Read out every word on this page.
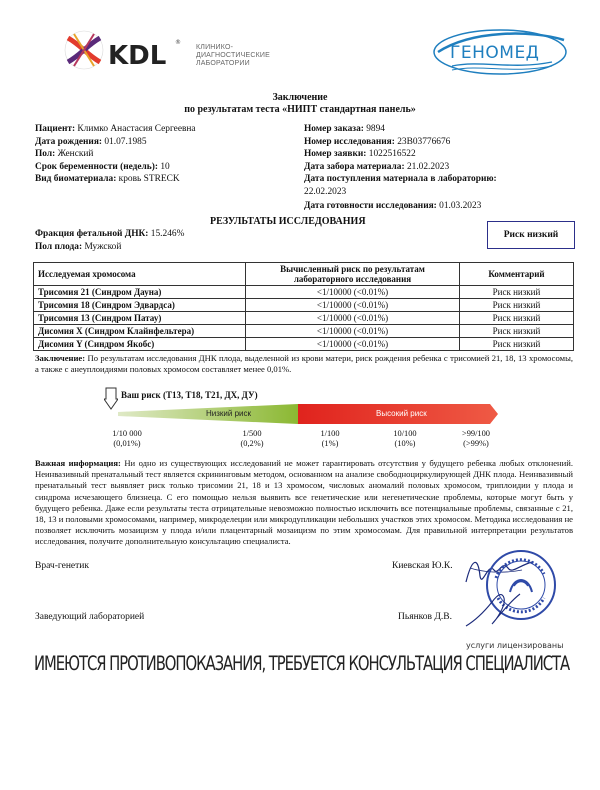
KDL ®
КЛИНИКО-
ДИАГНОСТИЧЕСКИЕ
ЛАБОРАТОРИИ
ГЕНОМЕД
Заключение
по результатам теста «НИПТ стандартная панель»
Пациент: Климко Анастасия Сергеевна
Дата рождения: 01.07.1985
Пол: Женский
Срок беременности (недель): 10
Вид биоматериала: кровь STRECK
Номер заказа: 9894
Номер исследования: 23B03776676
Номер заявки: 1022516522
Дата забора материала: 21.02.2023
Дата поступления материала в лабораторию:
22.02.2023
Дата готовности исследования: 01.03.2023
РЕЗУЛЬТАТЫ ИССЛЕДОВАНИЯ
Риск низкий
Фракция фетальной ДНК: 15.246%
Пол плода: Мужской
Исследуемая хромосома	Вычисленный риск по результатам лабораторного исследования	Комментарий
Трисомия 21 (Синдром Дауна)	<1/10000 (<0.01%)	Риск низкий
Трисомия 18 (Синдром Эдвардса)	<1/10000 (<0.01%)	Риск низкий
Трисомия 13 (Синдром Патау)	<1/10000 (<0.01%)	Риск низкий
Дисомия X (Синдром Клайнфельтера)	<1/10000 (<0.01%)	Риск низкий
Дисомия Y (Синдром Якобс)	<1/10000 (<0.01%)	Риск низкий
Заключение: По результатам исследования ДНК плода, выделенной из крови матери, риск рождения ребенка с трисомией 21, 18, 13 хромосомы, а также с анеуплоидиями половых хромосом составляет менее 0,01%.
Ваш риск (Т13, Т18, Т21, ДХ, ДУ)
Низкий риск	Высокий риск
1/10 000
(0,01%)
1/500
(0,2%)
1/100
(1%)
10/100
(10%)
>99/100
(>99%)
Важная информация: Ни одно из существующих исследований не может гарантировать отсутствия у будущего ребенка любых отклонений. Неинвазивный пренатальный тест является скрининговым методом, основанном на анализе свободноциркулирующей ДНК плода. Неинвазивный пренатальный тест выявляет риск только трисомии 21, 18 и 13 хромосом, числовых аномалий половых хромосом, триплоидии у плода и синдрома исчезающего близнеца. С его помощью нельзя выявить все генетические или негенетические проблемы, которые могут быть у будущего ребенка. Даже если результаты теста отрицательные невозможно полностью исключить все потенциальные проблемы, связанные с 21, 18, 13 и половыми хромосомами, например, микроделеции или микродупликации небольших участков этих хромосом. Методика исследования не позволяет исключить мозаицизм у плода и/или плацентарный мозаицизм по этим хромосомам. Для правильной интерпретации результатов исследования, получите дополнительную консультацию специалиста.
Врач-генетик	Киевская Ю.К.
Заведующий лабораторией	Пьянков Д.В.
услуги лицензированы
ИМЕЮТСЯ ПРОТИВОПОКАЗАНИЯ, ТРЕБУЕТСЯ КОНСУЛЬТАЦИЯ СПЕЦИАЛИСТА
